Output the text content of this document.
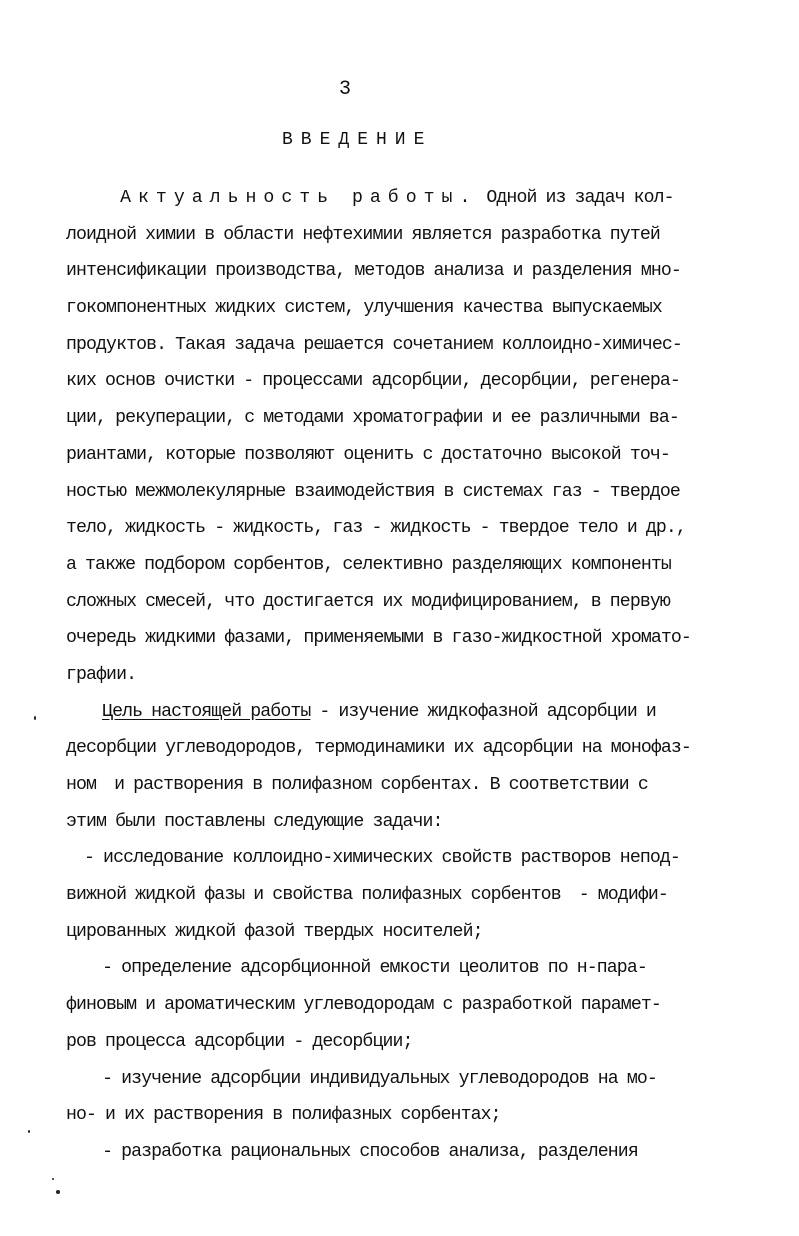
3
ВВЕДЕНИЕ
Актуальность работы. Одной из задач кол-
лоидной химии в области нефтехимии является разработка путей
интенсификации производства, методов анализа и разделения мно-
гокомпонентных жидких систем, улучшения качества выпускаемых
продуктов. Такая задача решается сочетанием коллоидно-химичес-
ких основ очистки - процессами адсорбции, десорбции, регенера-
ции, рекуперации, с методами хроматографии и ее различными ва-
риантами, которые позволяют оценить с достаточно высокой точ-
ностью межмолекулярные взаимодействия в системах газ - твердое
тело, жидкость - жидкость, газ - жидкость - твердое тело и др.,
а также подбором сорбентов, селективно разделяющих компоненты
сложных смесей, что достигается их модифицированием, в первую
очередь жидкими фазами, применяемыми в газо-жидкостной хромато-
графии.
Цель настоящей работы - изучение жидкофазной адсорбции и
десорбции углеводородов, термодинамики их адсорбции на монофаз-
ном  и растворения в полифазном сорбентах. В соответствии с
этим были поставлены следующие задачи:
- исследование коллоидно-химических свойств растворов непод-
вижной жидкой фазы и свойства полифазных сорбентов  - модифи-
цированных жидкой фазой твердых носителей;
- определение адсорбционной емкости цеолитов по н-пара-
финовым и ароматическим углеводородам с разработкой парамет-
ров процесса адсорбции - десорбции;
- изучение адсорбции индивидуальных углеводородов на мо-
но- и их растворения в полифазных сорбентах;
- разработка рациональных способов анализа, разделения
